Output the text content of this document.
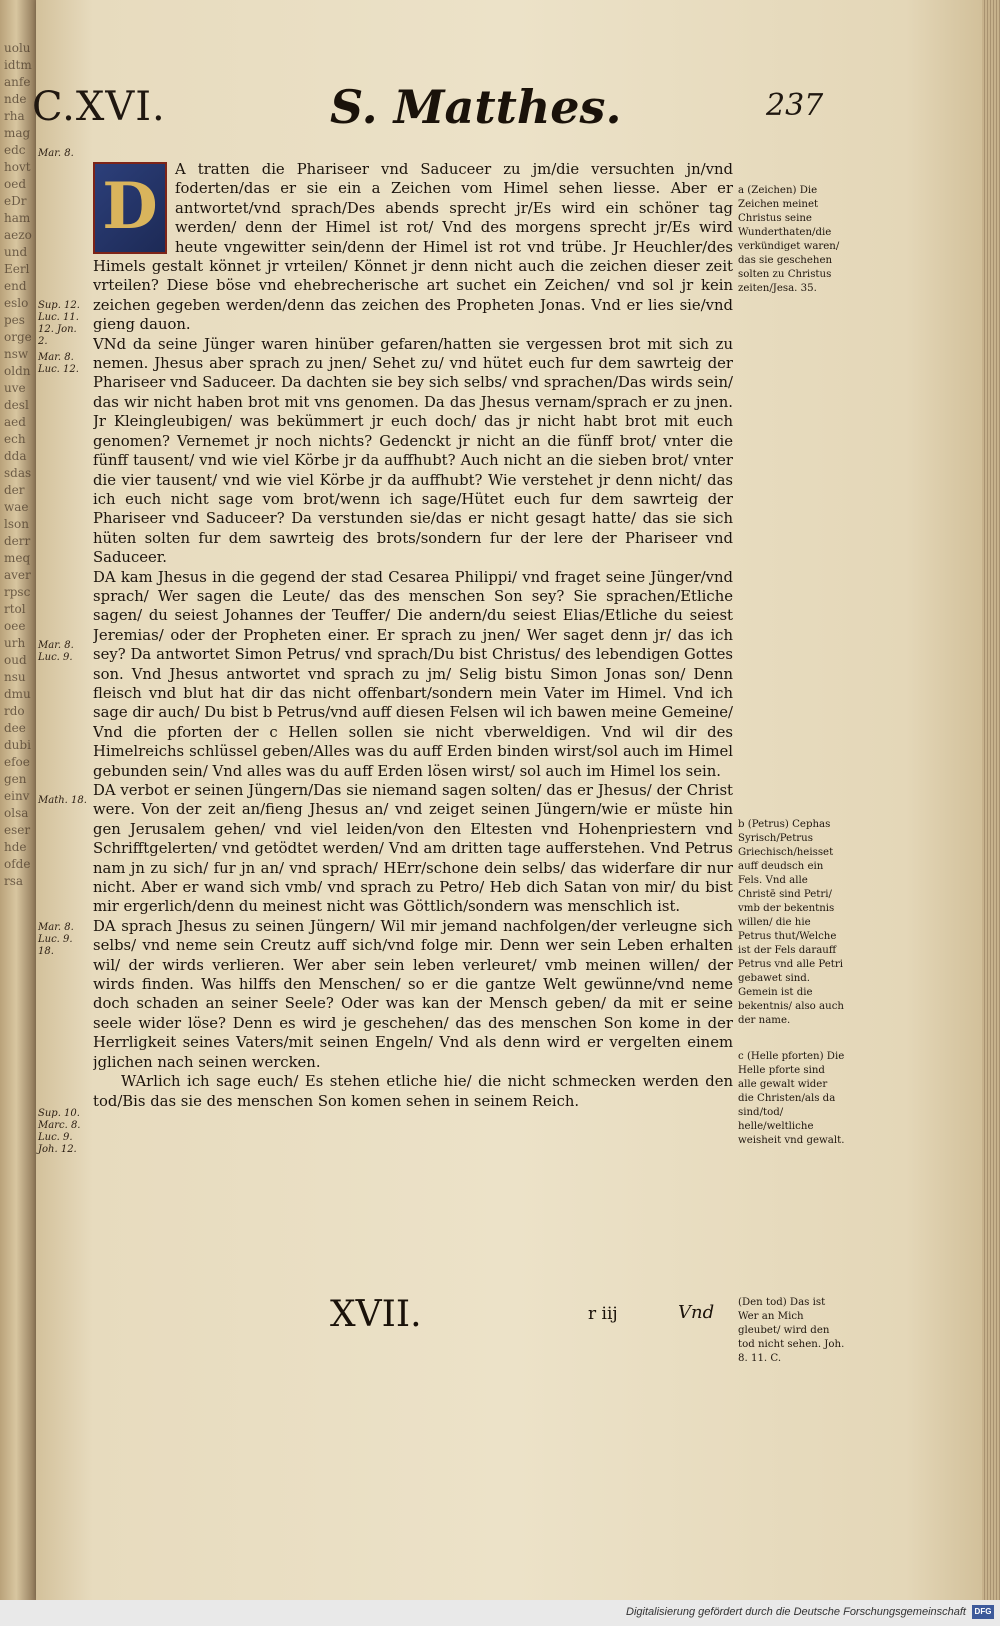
uoluidtmanfenderhamagedchovtoedeDrhamaezoundEerlendeslopesorgenswoldnuvedeslaedechddasdasderwaelsonderrmeqaverrpscrtoloeeurhoudnsudmurdodeedubiefoegeneinvolsaeserhdeofdersa
C.XVI.	S. Matthes.	237
D	A tratten die Phariseer vnd Saduceer zu jm/die versuchten jn/vnd foderten/das er sie ein a Zeichen vom Himel sehen liesse. Aber er antwortet/vnd sprach/Des abends sprecht jr/Es wird ein schöner tag werden/ denn der Himel ist rot/ Vnd des morgens sprecht jr/Es wird heute vngewitter sein/denn der Himel ist rot vnd trübe. Jr Heuchler/des Himels gestalt könnet jr vrteilen/ Könnet jr denn nicht auch die zeichen dieser zeit vrteilen? Diese böse vnd ehebrecherische art suchet ein Zeichen/ vnd sol jr kein zeichen gegeben werden/denn das zeichen des Propheten Jonas. Vnd er lies sie/vnd gieng dauon.

VNd da seine Jünger waren hinüber gefaren/hatten sie vergessen brot mit sich zu nemen. Jhesus aber sprach zu jnen/ Sehet zu/ vnd hütet euch fur dem sawrteig der Phariseer vnd Saduceer. Da dachten sie bey sich selbs/ vnd sprachen/Das wirds sein/ das wir nicht haben brot mit vns genomen. Da das Jhesus vernam/sprach er zu jnen. Jr Kleingleubigen/ was bekümmert jr euch doch/ das jr nicht habt brot mit euch genomen? Vernemet jr noch nichts? Gedenckt jr nicht an die fünff brot/ vnter die fünff tausent/ vnd wie viel Körbe jr da auffhubt? Auch nicht an die sieben brot/ vnter die vier tausent/ vnd wie viel Körbe jr da auffhubt? Wie verstehet jr denn nicht/ das ich euch nicht sage vom brot/wenn ich sage/Hütet euch fur dem sawrteig der Phariseer vnd Saduceer? Da verstunden sie/das er nicht gesagt hatte/ das sie sich hüten solten fur dem sawrteig des brots/sondern fur der lere der Phariseer vnd Saduceer.

DA kam Jhesus in die gegend der stad Cesarea Philippi/ vnd fraget seine Jünger/vnd sprach/ Wer sagen die Leute/ das des menschen Son sey? Sie sprachen/Etliche sagen/ du seiest Johannes der Teuffer/ Die andern/du seiest Elias/Etliche du seiest Jeremias/ oder der Propheten einer. Er sprach zu jnen/ Wer saget denn jr/ das ich sey? Da antwortet Simon Petrus/ vnd sprach/Du bist Christus/ des lebendigen Gottes son. Vnd Jhesus antwortet vnd sprach zu jm/ Selig bistu Simon Jonas son/ Denn fleisch vnd blut hat dir das nicht offenbart/sondern mein Vater im Himel. Vnd ich sage dir auch/ Du bist b Petrus/vnd auff diesen Felsen wil ich bawen meine Gemeine/ Vnd die pforten der c Hellen sollen sie nicht vberweldigen. Vnd wil dir des Himelreichs schlüssel geben/Alles was du auff Erden binden wirst/sol auch im Himel gebunden sein/ Vnd alles was du auff Erden lösen wirst/ sol auch im Himel los sein.

DA verbot er seinen Jüngern/Das sie niemand sagen solten/ das er Jhesus/ der Christ were. Von der zeit an/fieng Jhesus an/ vnd zeiget seinen Jüngern/wie er müste hin gen Jerusalem gehen/ vnd viel leiden/von den Eltesten vnd Hohenpriestern vnd Schrifftgelerten/ vnd getödtet werden/ Vnd am dritten tage aufferstehen. Vnd Petrus nam jn zu sich/ fur jn an/ vnd sprach/ HErr/schone dein selbs/ das widerfare dir nur nicht. Aber er wand sich vmb/ vnd sprach zu Petro/ Heb dich Satan von mir/ du bist mir ergerlich/denn du meinest nicht was Göttlich/sondern was menschlich ist.

DA sprach Jhesus zu seinen Jüngern/ Wil mir jemand nachfolgen/der verleugne sich selbs/ vnd neme sein Creutz auff sich/vnd folge mir. Denn wer sein Leben erhalten wil/ der wirds verlieren. Wer aber sein leben verleuret/ vmb meinen willen/ der wirds finden. Was hilffs den Menschen/ so er die gantze Welt gewünne/vnd neme doch schaden an seiner Seele? Oder was kan der Mensch geben/ da mit er seine seele wider löse? Denn es wird je geschehen/ das des menschen Son kome in der Herrligkeit seines Vaters/mit seinen Engeln/ Vnd als denn wird er vergelten einem jglichen nach seinen wercken.

WArlich ich sage euch/ Es stehen etliche hie/ die nicht schmecken werden den tod/Bis das sie des menschen Son komen sehen in seinem Reich.

Mar. 8.
Sup. 12. Luc. 11. 12. Jon. 2.
Mar. 8. Luc. 12.
Mar. 8. Luc. 9.
Math. 18.
Mar. 8. Luc. 9. 18.
Sup. 10. Marc. 8. Luc. 9. Joh. 12.
a (Zeichen) Die Zeichen meinet Christus seine Wunderthaten/die verkündiget waren/ das sie geschehen solten zu Christus zeiten/Jesa. 35.
b (Petrus) Cephas Syrisch/Petrus Griechisch/heisset auff deudsch ein Fels. Vnd alle Christē sind Petri/ vmb der bekentnis willen/ die hie Petrus thut/Welche ist der Fels darauff Petrus vnd alle Petri gebawet sind. Gemein ist die bekentnis/ also auch der name.
c (Helle pforten) Die Helle pforte sind alle gewalt wider die Christen/als da sind/tod/ helle/weltliche weisheit vnd gewalt.
(Den tod) Das ist Wer an Mich gleubet/ wird den tod nicht sehen. Joh. 8. 11. C.
XVII.	r iij	Vnd
Digitalisierung gefördert durch die Deutsche Forschungsgemeinschaft	DFG
